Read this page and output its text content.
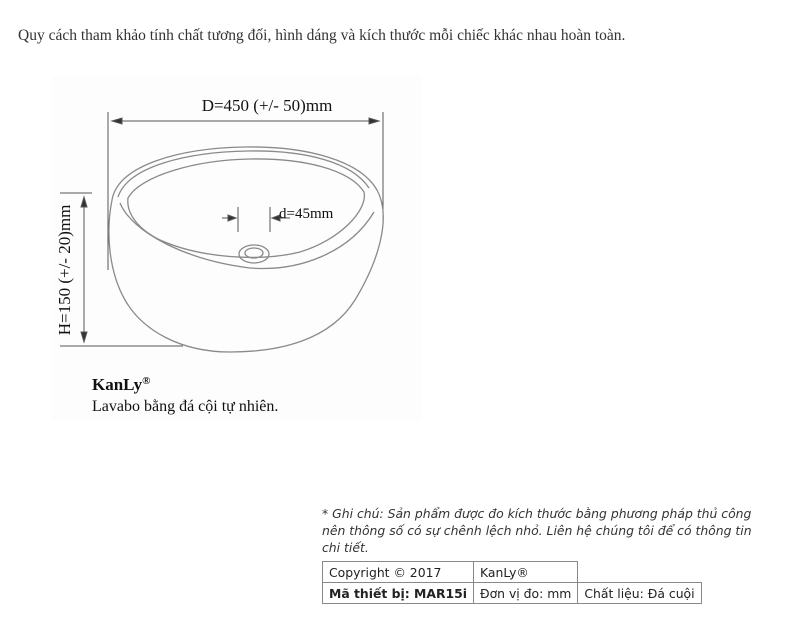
Quy cách tham khảo tính chất tương đối, hình dáng và kích thước mỗi chiếc khác nhau hoàn toàn.
D=450 (+/- 50)mm
H=150 (+/- 20)mm	d=45mm
KanLy®
Lavabo bằng đá cội tự nhiên.
* Ghi chú: Sản phẩm được đo kích thước bằng phương pháp thủ công nên thông số có sự chênh lệch nhỏ. Liên hệ chúng tôi để có thông tin chi tiết.
Copyright © 2017	KanLy®	
Mã thiết bị: MAR15i	Đơn vị đo: mm	Chất liệu: Đá cuội
